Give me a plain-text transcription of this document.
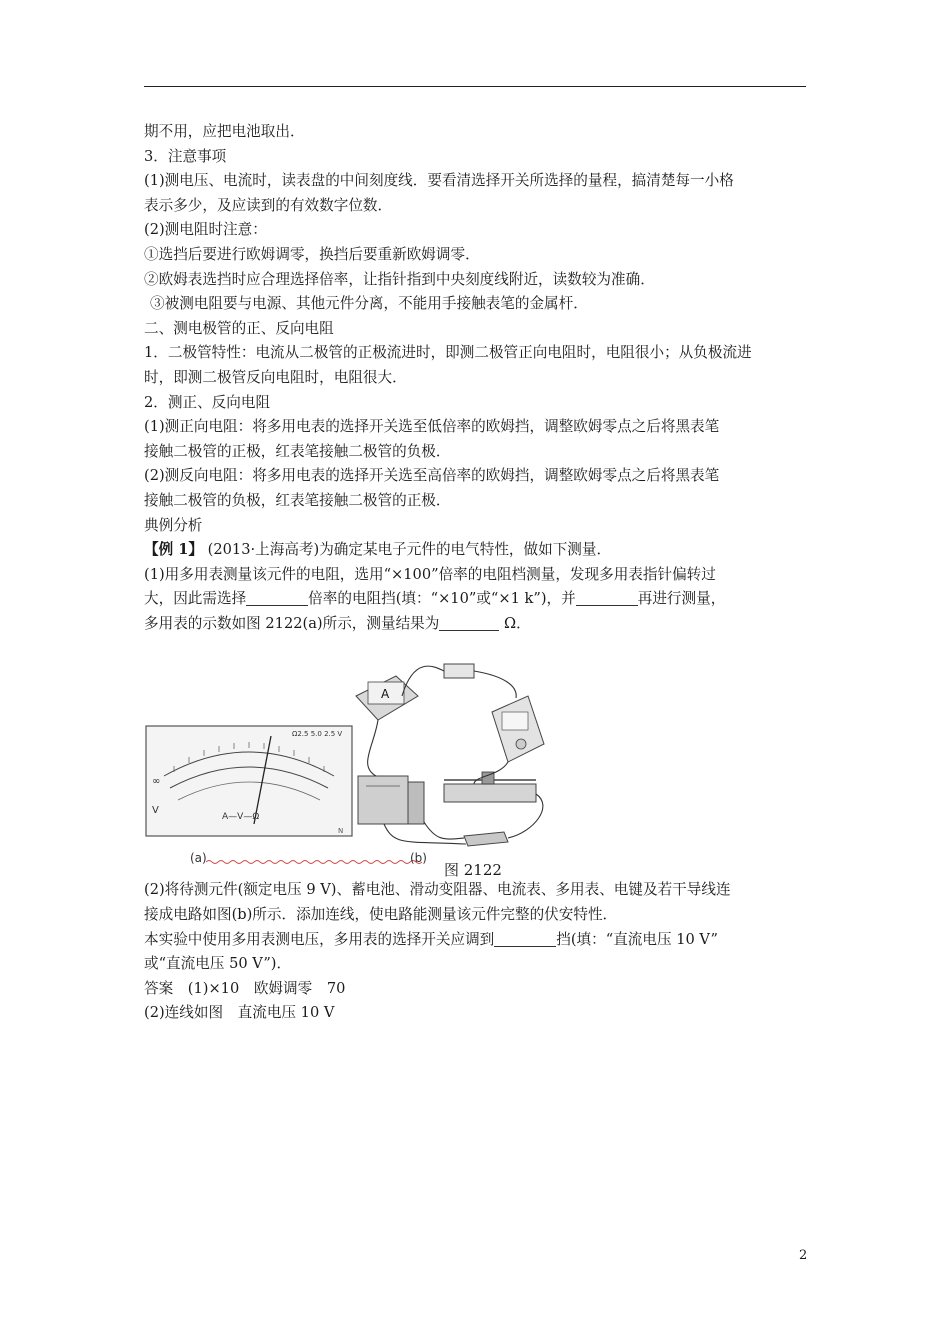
期不用，应把电池取出．
3．注意事项
(1)测电压、电流时，读表盘的中间刻度线．要看清选择开关所选择的量程，搞清楚每一小格
表示多少，及应读到的有效数字位数．
(2)测电阻时注意：
①选挡后要进行欧姆调零，换挡后要重新欧姆调零．
②欧姆表选挡时应合理选择倍率，让指针指到中央刻度线附近，读数较为准确．
③被测电阻要与电源、其他元件分离，不能用手接触表笔的金属杆．
二、测电极管的正、反向电阻
1．二极管特性：电流从二极管的正极流进时，即测二极管正向电阻时，电阻很小；从负极流进
时，即测二极管反向电阻时，电阻很大．
2．测正、反向电阻
(1)测正向电阻：将多用电表的选择开关选至低倍率的欧姆挡，调整欧姆零点之后将黑表笔
接触二极管的正极，红表笔接触二极管的负极．
(2)测反向电阻：将多用电表的选择开关选至高倍率的欧姆挡，调整欧姆零点之后将黑表笔
接触二极管的负极，红表笔接触二极管的正极．
典例分析
【例 1】 (2013·上海高考)为确定某电子元件的电气特性，做如下测量．
(1)用多用表测量该元件的电阻，选用“×100”倍率的电阻档测量，发现多用表指针偏转过
大，因此需选择	倍率的电阻挡(填：“×10”或“×1 k”)，并	再进行测量，
多用表的示数如图 2122(a)所示，测量结果为	Ω．
V
∞
A—V—Ω
Ω2.5 5.0 2.5 V
N
A
(a)	(b)
图 2122
(2)将待测元件(额定电压 9 V)、蓄电池、滑动变阻器、电流表、多用表、电键及若干导线连
接成电路如图(b)所示．添加连线，使电路能测量该元件完整的伏安特性．
本实验中使用多用表测电压，多用表的选择开关应调到	挡(填：“直流电压 10 V”
或“直流电压 50 V”)．
答案　(1)×10　欧姆调零　70
(2)连线如图　直流电压 10 V
2
